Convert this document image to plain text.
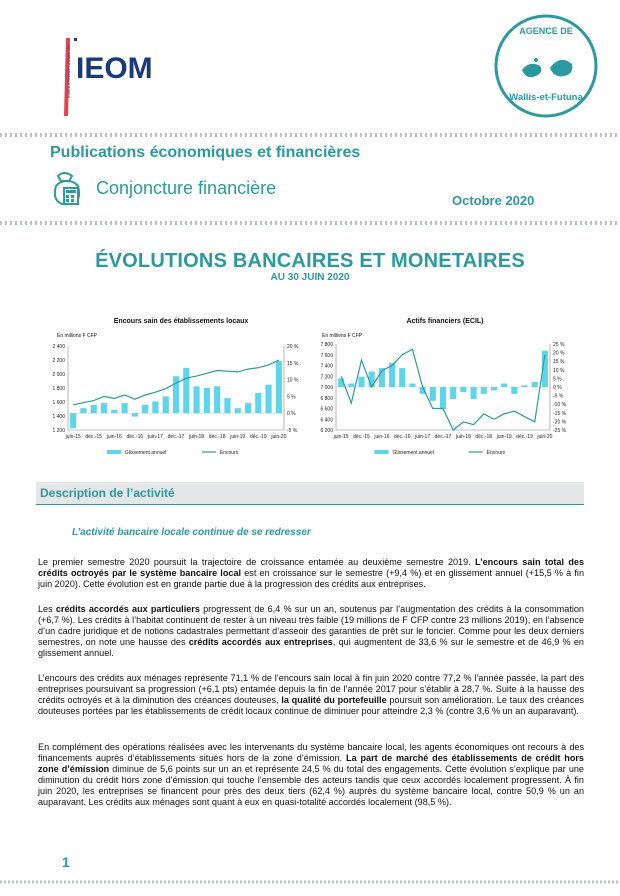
Institut d'émission d'Outre-Mer IEOM
AGENCE DE
Wallis-et-Futuna
Publications économiques et financières
Conjoncture financière
Octobre 2020
ÉVOLUTIONS BANCAIRES ET MONETAIRES
AU 30 JUIN 2020
Encours sain des établissements locaux
En millions F CFP
1 200
1 400
1 600
1 800
2 000
2 200
2 400
-5 %
0 %
5 %
10 %
15 %
20 %
juin-15 déc.-15 juin-16 déc.-16 juin-17 déc.-17 juin-18 déc.-18 juin-19 déc.-19 juin-20
Glissement annuel	Encours
Actifs financiers (ECIL)
En millions F CFP
6 200
6 400
6 600
6 800
7 000
7 200
7 400
7 600
7 800
-25 %
-20 %
-15 %
-10 %
-5 %
0 %
5 %
10 %
15 %
20 %
25 %
juin-15 déc.-15 juin-16 déc.-16 juin-17 déc.-17 juin-18 déc.-18 juin-19 déc.-19 juin-20
Glissement annuel	Encours
Description de l’activité
L’activité bancaire locale continue de se redresser
Le premier semestre 2020 poursuit la trajectoire de croissance entamée au deuxième semestre 2019. L’encours sain total des crédits octroyés par le système bancaire local est en croissance sur le semestre (+9,4 %) et en glissement annuel (+15,5 % à fin juin 2020). Cette évolution est en grande partie due à la progression des crédits aux entreprises.
Les crédits accordés aux particuliers progressent de 6,4 % sur un an, soutenus par l’augmentation des crédits à la consommation (+6,7 %). Les crédits à l’habitat continuent de rester à un niveau très faible (19 millions de F CFP contre 23 millions 2019), en l’absence d’un cadre juridique et de notions cadastrales permettant d’asseoir des garanties de prêt sur le foncier. Comme pour les deux derniers semestres, on note une hausse des crédits accordés aux entreprises, qui augmentent de 33,6 % sur le semestre et de 46,9 % en glissement annuel.
L’encours des crédits aux ménages représente 71,1 % de l’encours sain local à fin juin 2020 contre 77,2 % l’année passée, la part des entreprises poursuivant sa progression (+6,1 pts) entamée depuis la fin de l’année 2017 pour s’établir à 28,7 %. Suite à la hausse des crédits octroyés et à la diminution des créances douteuses, la qualité du portefeuille poursuit son amélioration. Le taux des créances douteuses portées par les établissements de crédit locaux continue de diminuer pour atteindre 2,3 % (contre 3,6 % un an auparavant).
En complément des opérations réalisées avec les intervenants du système bancaire local, les agents économiques ont recours à des financements auprès d’établissements situés hors de la zone d’émission. La part de marché des établissements de crédit hors zone d’émission diminue de 5,6 points sur un an et représente 24,5 % du total des engagements. Cette évolution s’explique par une diminution du crédit hors zone d’émission qui touche l’ensemble des acteurs tandis que ceux accordés localement progressent. À fin juin 2020, les entreprises se financent pour près des deux tiers (62,4 %) auprès du système bancaire local, contre 50,9 % un an auparavant. Les crédits aux ménages sont quant à eux en quasi-totalité accordés localement (98,5 %).
1
